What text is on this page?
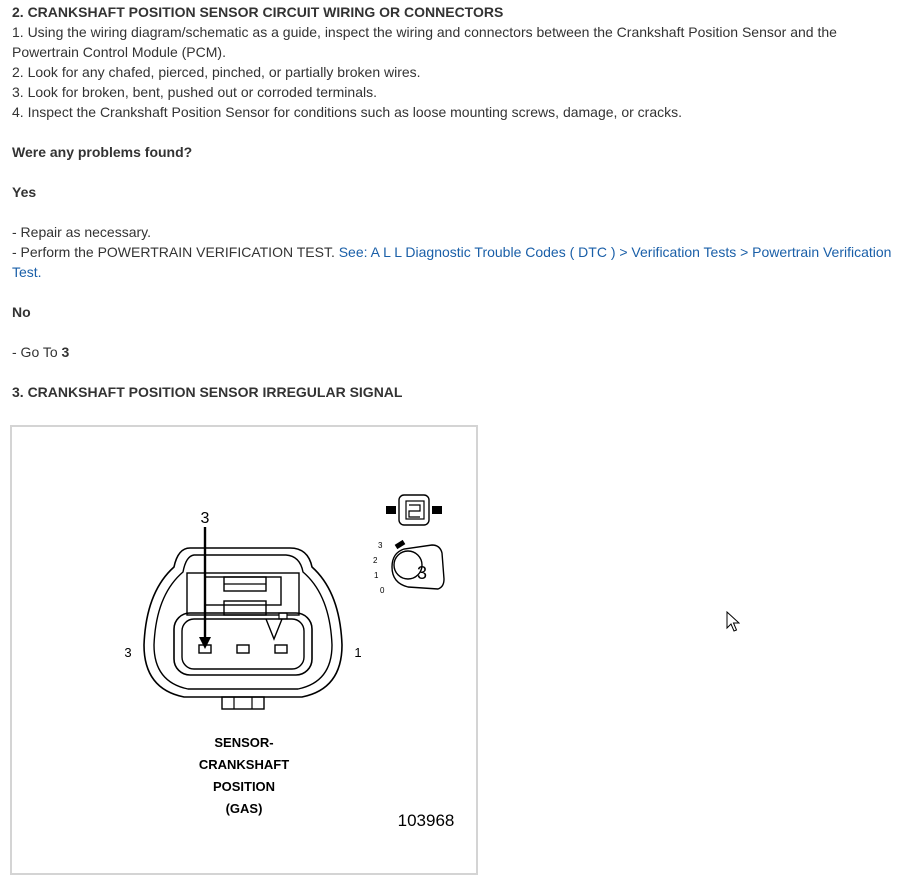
2. CRANKSHAFT POSITION SENSOR CIRCUIT WIRING OR CONNECTORS
1. Using the wiring diagram/schematic as a guide, inspect the wiring and connectors between the Crankshaft Position Sensor and the Powertrain Control Module (PCM).
2. Look for any chafed, pierced, pinched, or partially broken wires.
3. Look for broken, bent, pushed out or corroded terminals.
4. Inspect the Crankshaft Position Sensor for conditions such as loose mounting screws, damage, or cracks.
Were any problems found?
Yes
- Repair as necessary.
- Perform the POWERTRAIN VERIFICATION TEST. See: A L L Diagnostic Trouble Codes ( DTC ) > Verification Tests > Powertrain Verification Test.
No
- Go To 3
3. CRANKSHAFT POSITION SENSOR IRREGULAR SIGNAL
3
3	1
3
2
1
0
3
SENSOR-
CRANKSHAFT
POSITION
(GAS)
103968
